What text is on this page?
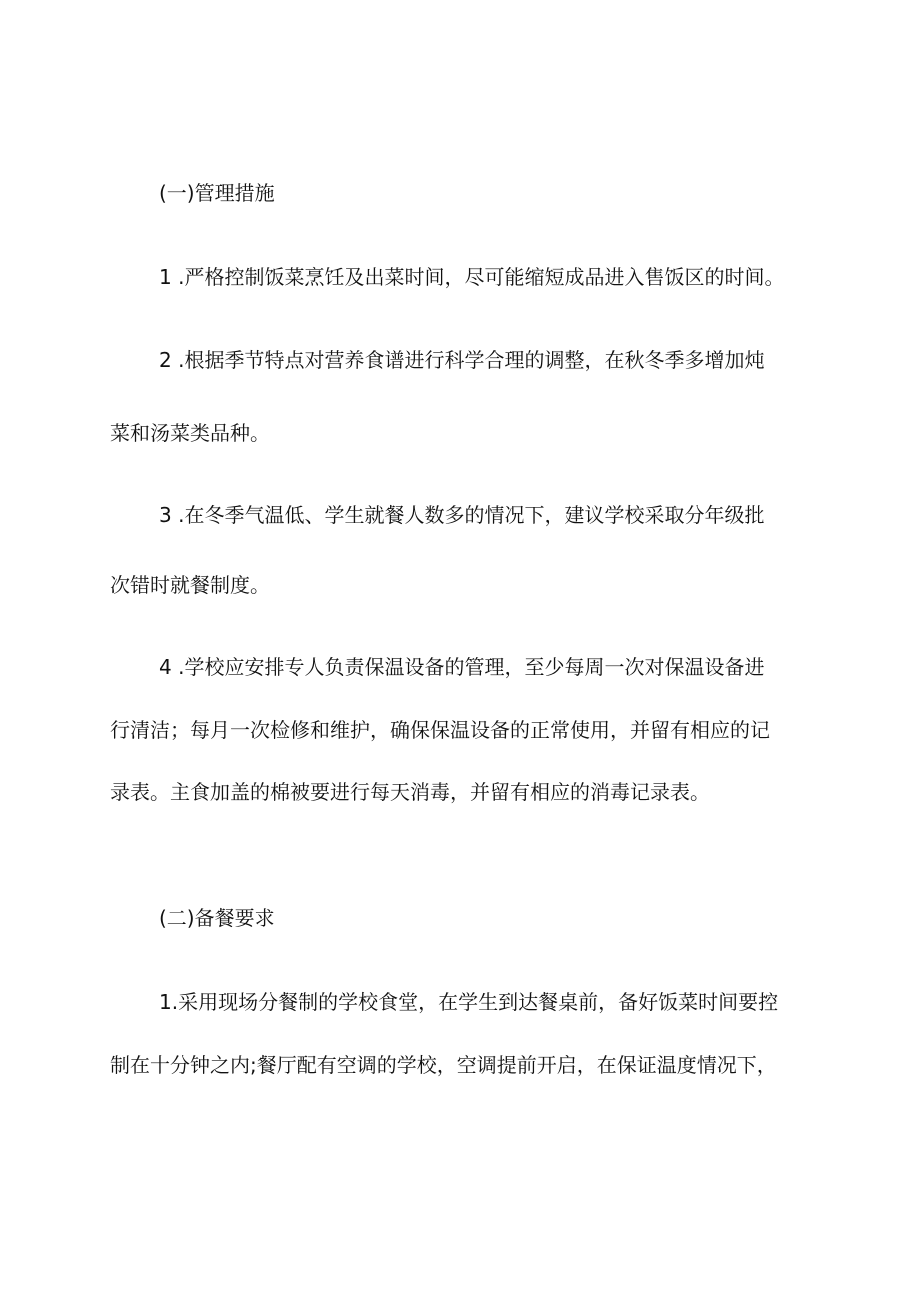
(一)管理措施
1 .严格控制饭菜烹饪及出菜时间，尽可能缩短成品进入售饭区的时间。
2 .根据季节特点对营养食谱进行科学合理的调整，在秋冬季多增加炖
菜和汤菜类品种。
3 .在冬季气温低、学生就餐人数多的情况下，建议学校采取分年级批
次错时就餐制度。
4 .学校应安排专人负责保温设备的管理，至少每周一次对保温设备进
行清洁；每月一次检修和维护，确保保温设备的正常使用，并留有相应的记
录表。主食加盖的棉被要进行每天消毒，并留有相应的消毒记录表。
(二)备餐要求
1.采用现场分餐制的学校食堂，在学生到达餐桌前，备好饭菜时间要控
制在十分钟之内;餐厅配有空调的学校，空调提前开启，在保证温度情况下，
